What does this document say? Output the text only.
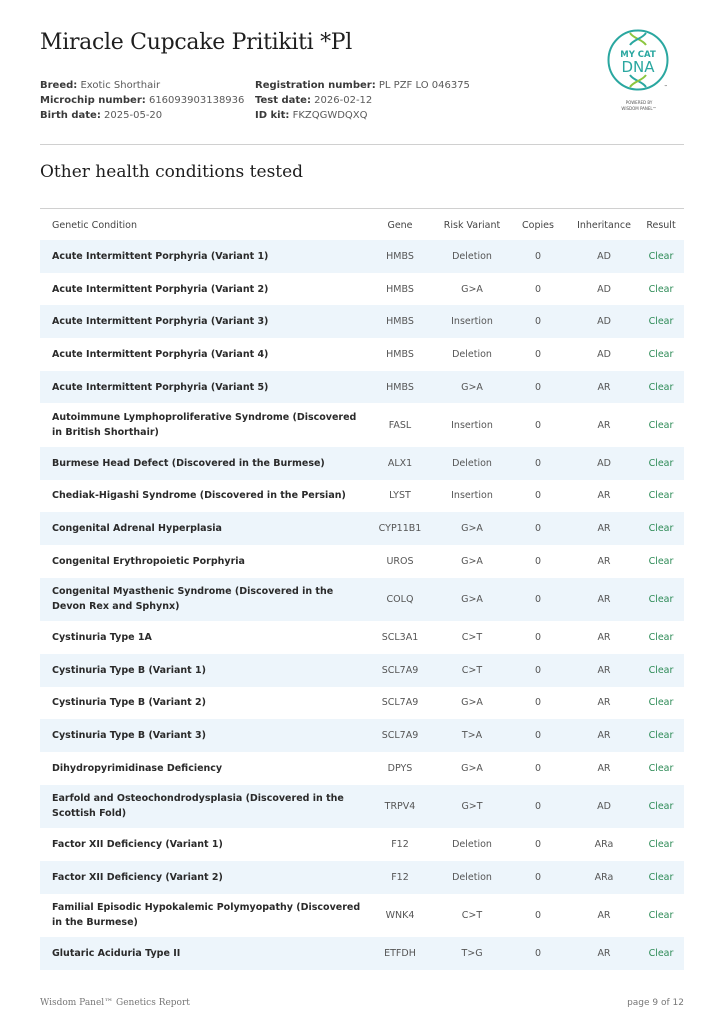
Miracle Cupcake Pritikiti *Pl
Breed: Exotic Shorthair
Microchip number: 616093903138936
Birth date: 2025-05-20
Registration number: PL PZF LO 046375
Test date: 2026-02-12
ID kit: FKZQGWDQXQ
MY CAT
DNA
™
POWERED BY
WISDOM PANEL™
Other health conditions tested
Genetic Condition	Gene	Risk Variant	Copies	Inheritance	Result
Acute Intermittent Porphyria (Variant 1)	HMBS	Deletion	0	AD	Clear
Acute Intermittent Porphyria (Variant 2)	HMBS	G>A	0	AD	Clear
Acute Intermittent Porphyria (Variant 3)	HMBS	Insertion	0	AD	Clear
Acute Intermittent Porphyria (Variant 4)	HMBS	Deletion	0	AD	Clear
Acute Intermittent Porphyria (Variant 5)	HMBS	G>A	0	AR	Clear
Autoimmune Lymphoproliferative Syndrome (Discovered in British Shorthair)	FASL	Insertion	0	AR	Clear
Burmese Head Defect (Discovered in the Burmese)	ALX1	Deletion	0	AD	Clear
Chediak-Higashi Syndrome (Discovered in the Persian)	LYST	Insertion	0	AR	Clear
Congenital Adrenal Hyperplasia	CYP11B1	G>A	0	AR	Clear
Congenital Erythropoietic Porphyria	UROS	G>A	0	AR	Clear
Congenital Myasthenic Syndrome (Discovered in the Devon Rex and Sphynx)	COLQ	G>A	0	AR	Clear
Cystinuria Type 1A	SCL3A1	C>T	0	AR	Clear
Cystinuria Type B (Variant 1)	SCL7A9	C>T	0	AR	Clear
Cystinuria Type B (Variant 2)	SCL7A9	G>A	0	AR	Clear
Cystinuria Type B (Variant 3)	SCL7A9	T>A	0	AR	Clear
Dihydropyrimidinase Deficiency	DPYS	G>A	0	AR	Clear
Earfold and Osteochondrodysplasia (Discovered in the Scottish Fold)	TRPV4	G>T	0	AD	Clear
Factor XII Deficiency (Variant 1)	F12	Deletion	0	ARa	Clear
Factor XII Deficiency (Variant 2)	F12	Deletion	0	ARa	Clear
Familial Episodic Hypokalemic Polymyopathy (Discovered in the Burmese)	WNK4	C>T	0	AR	Clear
Glutaric Aciduria Type II	ETFDH	T>G	0	AR	Clear
Wisdom Panel™ Genetics Report	page 9 of 12
